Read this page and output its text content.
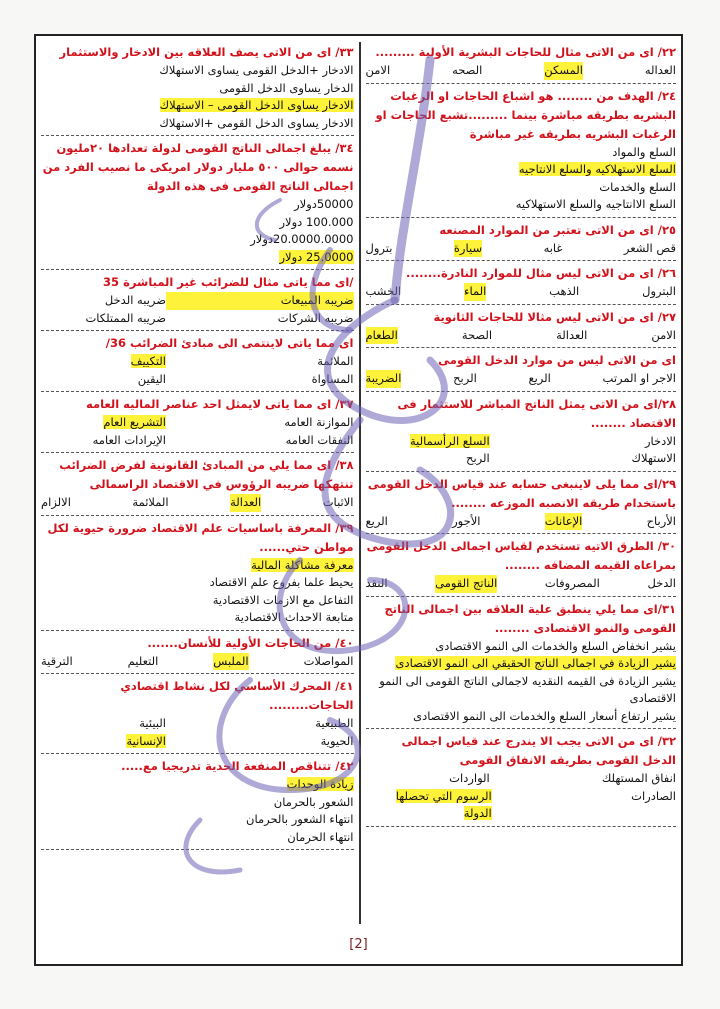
٢٢/ اى من الاتى مثال للحاجات البشرية الأولية .........
العداله
المسكن
الصحه
الامن
٢٤/ الهدف من ........ هو اشباع الحاجات او الرغبات البشريه بطريقه مباشرة بينما .........تشبع الحاجات او الرغبات البشريه بطريقه غير مباشرة
السلع والمواد
السلع الاستهلاكيه والسلع الانتاجيه
السلع والخدمات
السلع الاانتاجيه والسلع الاستهلاكيه
٢٥/ اى من الاتى تعتبر من الموارد المصنعه
قص الشعر
غابه
سيارة
بترول
٢٦/ اى من الاتى ليس مثال للموارد النادرة........
البترول
الذهب
الماء
الخشب
٢٧/ اى من الاتى ليس مثالا للحاجات الثانوية
الامن
العدالة
الصحة
الطعام
اى من الاتى ليس من موارد الدخل القومى
الاجر او المرتب
الريع
الربح
الضريبة
٢٨/اى من الاتى يمثل الناتج المباشر للاستثمار فى الاقتصاد ........
الادخار
السلع الرأسمالية
الاستهلاك
الربح
٢٩/اى مما يلى لاينبغى حسابه عند قياس الدخل القومى باستخدام طريقه الانصبه الموزعه ........
الأرباح
الإعانات
الأجور
الريع
٣٠/ الطرق الاتيه تستخدم لقياس اجمالى الدخل القومى بمراعاه القيمه المضافه ........
الدخل
المصروفات
الناتج القومى
النقد
٣١/اى مما يلي ينطبق علية العلاقه بين اجمالى الناتج القومى والنمو الاقتصادى ........
يشير انخفاض السلع والخدمات الى النمو الاقتصادى
يشير الزيادة في اجمالى الناتج الحقيقي الى النمو الاقتصادى
يشير الزيادة فى القيمه النقديه لاجمالى الناتج القومى الى النمو الاقتصادى
يشير ارتفاع أسعار السلع والخدمات الى النمو الاقتصادى
٣٢/ اى من الاتى يجب الا يندرج عند قياس اجمالى الدخل القومى بطريقه الانفاق القومى
انفاق المستهلك
الواردات
الصادرات
الرسوم التي تحصلها الدولة
٣٣/ اى من الاتى يصف العلاقه بين الادخار والاستثمار
الادخار +الدخل القومى يساوى الاستهلاك
الدخار يساوى الدخل القومى
الادخار يساوى الدخل القومى – الاستهلاك
الادخار يساوى الدخل القومى +الاستهلاك
٣٤/ يبلغ اجمالى الناتج القومى لدولة تعدادها ٢٠مليون نسمه حوالى ٥٠٠ مليار دولار امريكى ما نصيب الفرد من اجمالى الناتج القومى فى هذه الدولة
50000دولار
100.000 دولار
20.0000.0000دولار
25.0000 دولار
/اى مما ياتى مثال للضرائب غير المباشرة 35
ضريبه المبيعات
ضريبه الدخل
ضريبه الشركات
ضريبه الممتلكات
اى مما ياتى لاينتمى الى مبادئ الضرائب 36/
الملائمة
التكييف
المساواة
اليقين
٣٧/ اى مما ياتى لايمثل احد عناصر الماليه العامه
الموازنة العامه
التشريع العام
النفقات العامه
الإيرادات العامه
٣٨/ اى مما يلي من المبادئ القانونية لفرض الضرائب تنتهكها ضريبه الرؤوس في الاقتصاد الراسمالى
الاثبات
العدالة
الملائمة
الالزام
٣٩/ المعرفة باساسيات علم الاقتصاد ضرورة حيوية لكل مواطن حتي......
معرفة مشاكلة المالية
يحيط علما بفروع علم الاقتصاد
التفاعل مع الازمات الاقتصادية
متابعة الاحداث الاقتصادية
٤٠/ من الحاجات الأولية للأنسان.......
المواصلات
الملبس
التعليم
الترقية
٤١/ المحرك الأساسي لكل نشاط اقتصادي الحاجات.........
الطبيعية
البيئية
الحيوية
الإنسانية
٤٢/ تتناقص المنفعة الحدية تدريجيا مع.....
زيادة الوحدات
الشعور بالحرمان
انتهاء الشعور بالحرمان
انتهاء الحرمان
[2]
